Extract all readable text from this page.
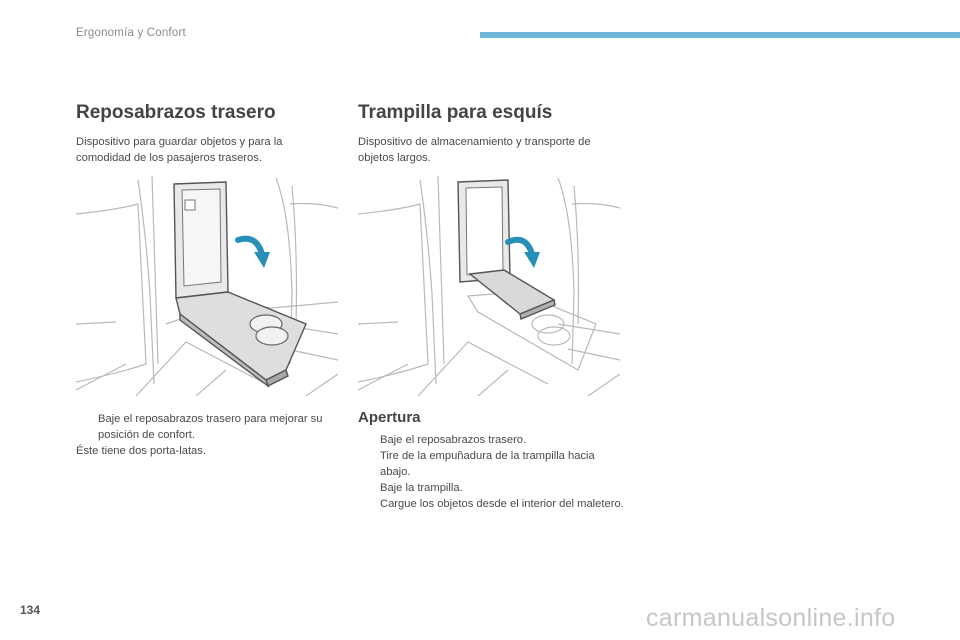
Ergonomía y Confort
Reposabrazos trasero

Dispositivo para guardar objetos y para la comodidad de los pasajeros traseros.

Baje el reposabrazos trasero para mejorar su posición de confort.

Éste tiene dos porta-latas.

Trampilla para esquís

Dispositivo de almacenamiento y transporte de objetos largos.

Apertura
Baje el reposabrazos trasero.
Tire de la empuñadura de la trampilla hacia abajo.
Baje la trampilla.
Cargue los objetos desde el interior del maletero.
134	carmanualsonline.info
